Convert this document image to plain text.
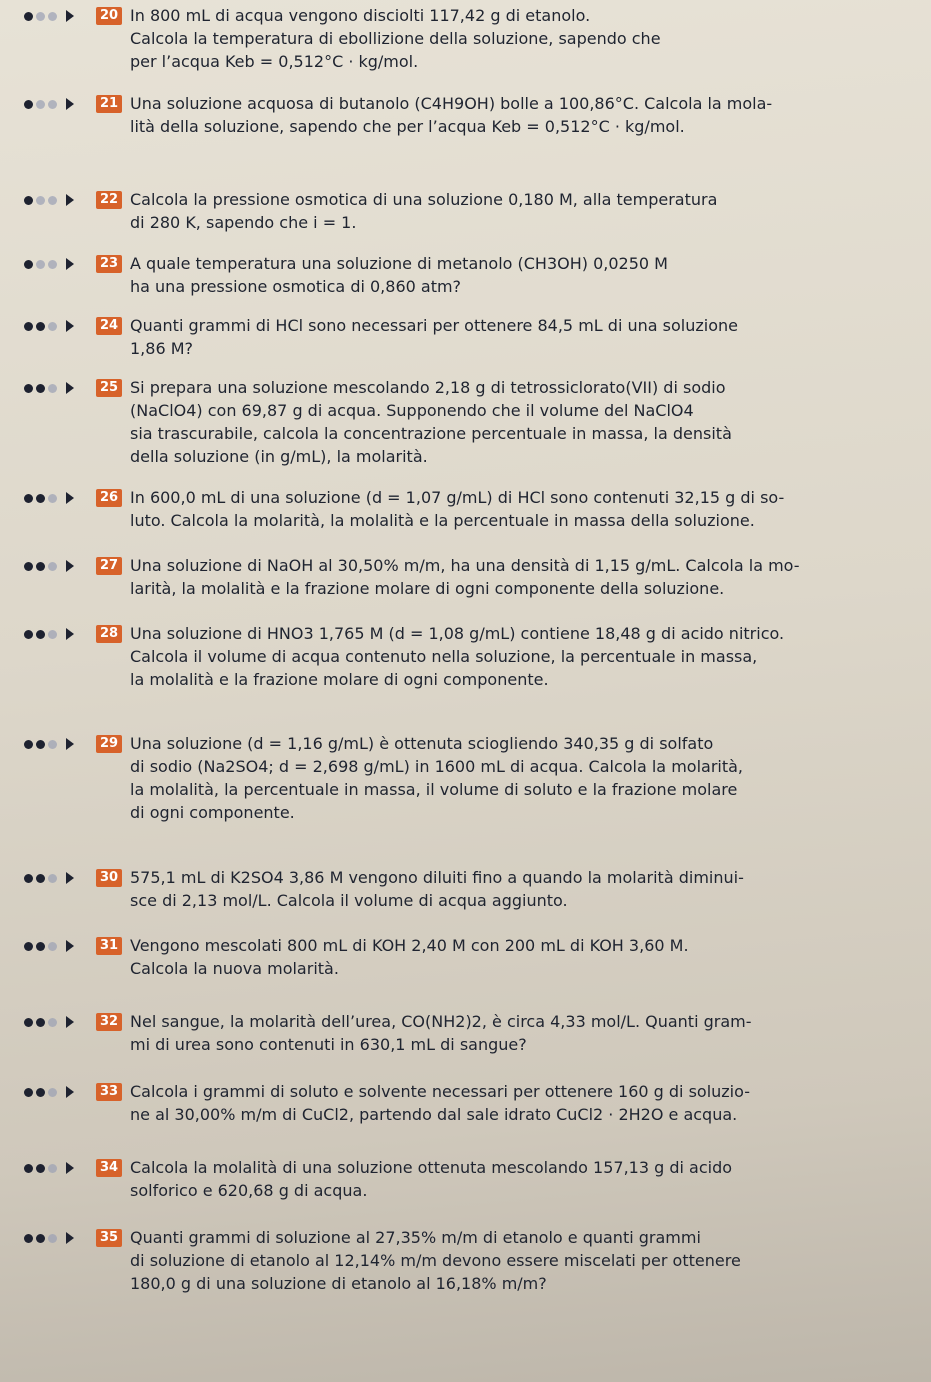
20 In 800 mL di acqua vengono disciolti 117,42 g di etanolo.
Calcola la temperatura di ebollizione della soluzione, sapendo che
per l’acqua Keb = 0,512°C · kg/mol.
21 Una soluzione acquosa di butanolo (C4H9OH) bolle a 100,86°C. Calcola la mola-
lità della soluzione, sapendo che per l’acqua Keb = 0,512°C · kg/mol.
22 Calcola la pressione osmotica di una soluzione 0,180 M, alla temperatura
di 280 K, sapendo che i = 1.
23 A quale temperatura una soluzione di metanolo (CH3OH) 0,0250 M
ha una pressione osmotica di 0,860 atm?
24 Quanti grammi di HCl sono necessari per ottenere 84,5 mL di una soluzione
1,86 M?
25 Si prepara una soluzione mescolando 2,18 g di tetrossiclorato(VII) di sodio
(NaClO4) con 69,87 g di acqua. Supponendo che il volume del NaClO4
sia trascurabile, calcola la concentrazione percentuale in massa, la densità
della soluzione (in g/mL), la molarità.
26 In 600,0 mL di una soluzione (d = 1,07 g/mL) di HCl sono contenuti 32,15 g di so-
luto. Calcola la molarità, la molalità e la percentuale in massa della soluzione.
27 Una soluzione di NaOH al 30,50% m/m, ha una densità di 1,15 g/mL. Calcola la mo-
larità, la molalità e la frazione molare di ogni componente della soluzione.
28 Una soluzione di HNO3 1,765 M (d = 1,08 g/mL) contiene 18,48 g di acido nitrico.
Calcola il volume di acqua contenuto nella soluzione, la percentuale in massa,
la molalità e la frazione molare di ogni componente.
29 Una soluzione (d = 1,16 g/mL) è ottenuta sciogliendo 340,35 g di solfato
di sodio (Na2SO4; d = 2,698 g/mL) in 1600 mL di acqua. Calcola la molarità,
la molalità, la percentuale in massa, il volume di soluto e la frazione molare
di ogni componente.
30 575,1 mL di K2SO4 3,86 M vengono diluiti fino a quando la molarità diminui-
sce di 2,13 mol/L. Calcola il volume di acqua aggiunto.
31 Vengono mescolati 800 mL di KOH 2,40 M con 200 mL di KOH 3,60 M.
Calcola la nuova molarità.
32 Nel sangue, la molarità dell’urea, CO(NH2)2, è circa 4,33 mol/L. Quanti gram-
mi di urea sono contenuti in 630,1 mL di sangue?
33 Calcola i grammi di soluto e solvente necessari per ottenere 160 g di soluzio-
ne al 30,00% m/m di CuCl2, partendo dal sale idrato CuCl2 · 2H2O e acqua.
34 Calcola la molalità di una soluzione ottenuta mescolando 157,13 g di acido
solforico e 620,68 g di acqua.
35 Quanti grammi di soluzione al 27,35% m/m di etanolo e quanti grammi
di soluzione di etanolo al 12,14% m/m devono essere miscelati per ottenere
180,0 g di una soluzione di etanolo al 16,18% m/m?
